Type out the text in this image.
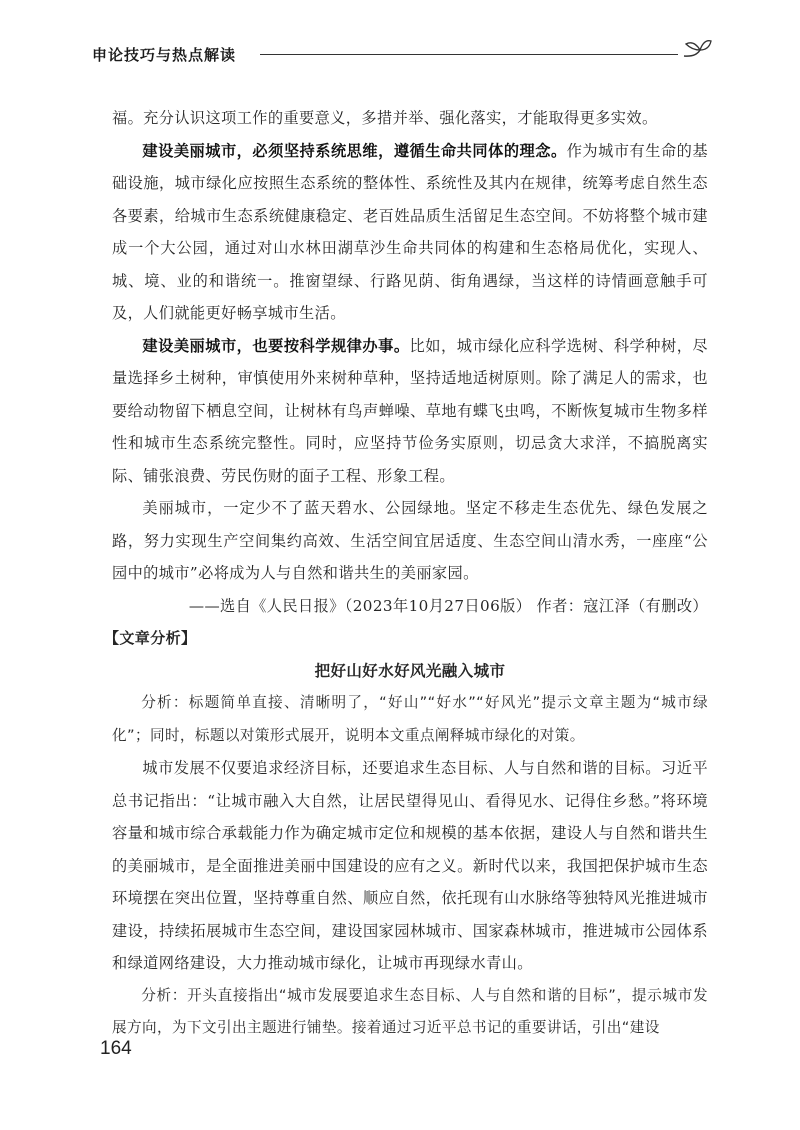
申论技巧与热点解读

福。充分认识这项工作的重要意义，多措并举、强化落实，才能取得更多实效。

建设美丽城市，必须坚持系统思维，遵循生命共同体的理念。作为城市有生命的基础设施，城市绿化应按照生态系统的整体性、系统性及其内在规律，统筹考虑自然生态各要素，给城市生态系统健康稳定、老百姓品质生活留足生态空间。不妨将整个城市建成一个大公园，通过对山水林田湖草沙生命共同体的构建和生态格局优化，实现人、城、境、业的和谐统一。推窗望绿、行路见荫、街角遇绿，当这样的诗情画意触手可及，人们就能更好畅享城市生活。

建设美丽城市，也要按科学规律办事。比如，城市绿化应科学选树、科学种树，尽量选择乡土树种，审慎使用外来树种草种，坚持适地适树原则。除了满足人的需求，也要给动物留下栖息空间，让树林有鸟声蝉噪、草地有蝶飞虫鸣，不断恢复城市生物多样性和城市生态系统完整性。同时，应坚持节俭务实原则，切忌贪大求洋，不搞脱离实际、铺张浪费、劳民伤财的面子工程、形象工程。

美丽城市，一定少不了蓝天碧水、公园绿地。坚定不移走生态优先、绿色发展之路，努力实现生产空间集约高效、生活空间宜居适度、生态空间山清水秀，一座座“公园中的城市”必将成为人与自然和谐共生的美丽家园。

——选自《人民日报》（2023年10月27日06版） 作者：寇江泽（有删改）

【文章分析】

把好山好水好风光融入城市

分析：标题简单直接、清晰明了，“好山”“好水”“好风光”提示文章主题为“城市绿化”；同时，标题以对策形式展开，说明本文重点阐释城市绿化的对策。

城市发展不仅要追求经济目标，还要追求生态目标、人与自然和谐的目标。习近平总书记指出：“让城市融入大自然，让居民望得见山、看得见水、记得住乡愁。”将环境容量和城市综合承载能力作为确定城市定位和规模的基本依据，建设人与自然和谐共生的美丽城市，是全面推进美丽中国建设的应有之义。新时代以来，我国把保护城市生态环境摆在突出位置，坚持尊重自然、顺应自然，依托现有山水脉络等独特风光推进城市建设，持续拓展城市生态空间，建设国家园林城市、国家森林城市，推进城市公园体系和绿道网络建设，大力推动城市绿化，让城市再现绿水青山。

分析：开头直接指出“城市发展要追求生态目标、人与自然和谐的目标”，提示城市发展方向，为下文引出主题进行铺垫。接着通过习近平总书记的重要讲话，引出“建设

164
